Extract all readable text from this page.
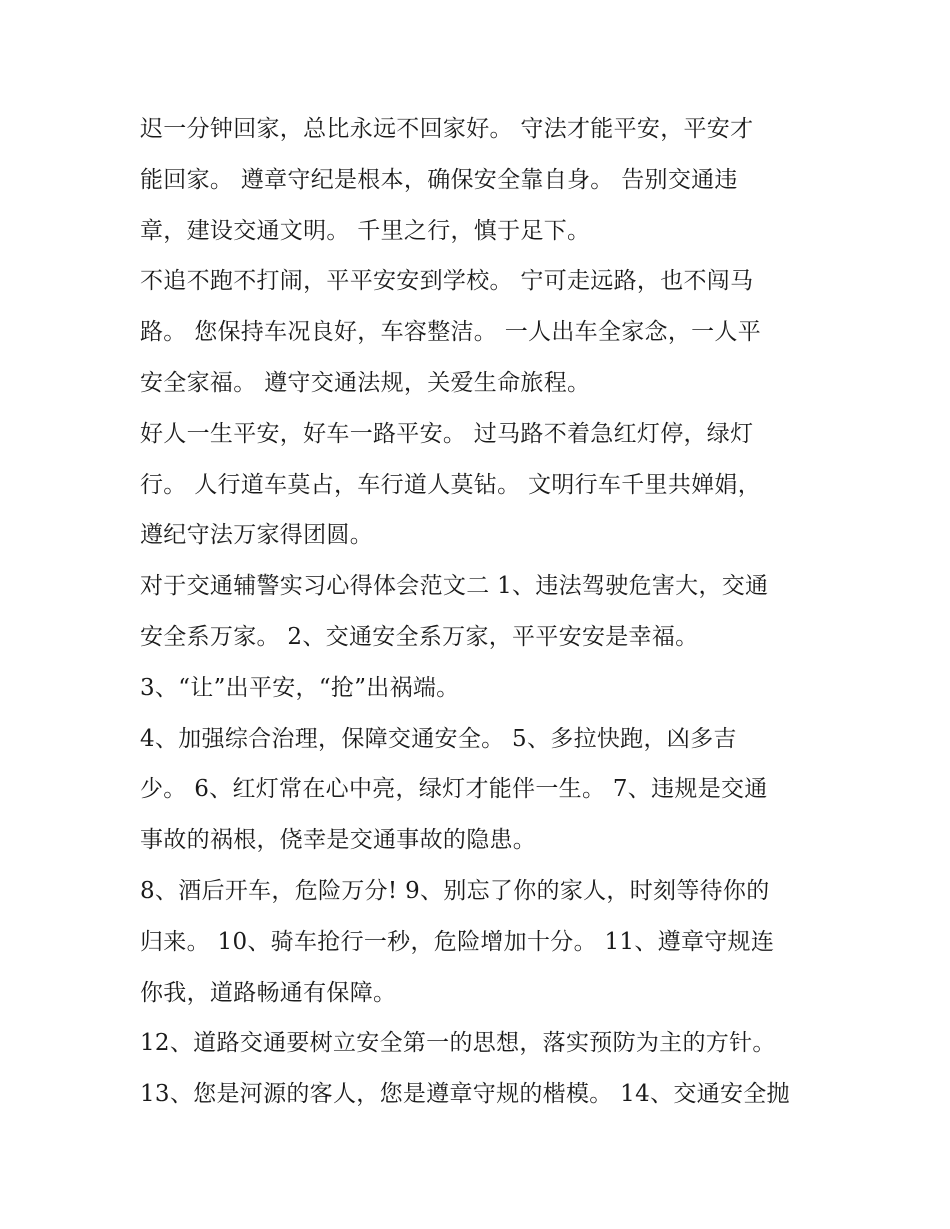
迟一分钟回家，总比永远不回家好。 守法才能平安，平安才
能回家。 遵章守纪是根本，确保安全靠自身。 告别交通违
章，建设交通文明。 千里之行，慎于足下。
不追不跑不打闹，平平安安到学校。 宁可走远路，也不闯马
路。 您保持车况良好，车容整洁。 一人出车全家念，一人平
安全家福。 遵守交通法规，关爱生命旅程。
好人一生平安，好车一路平安。 过马路不着急红灯停，绿灯
行。 人行道车莫占，车行道人莫钻。 文明行车千里共婵娟，
遵纪守法万家得团圆。
对于交通辅警实习心得体会范文二 1、违法驾驶危害大，交通
安全系万家。 2、交通安全系万家，平平安安是幸福。
3、“让”出平安，“抢”出祸端。
4、加强综合治理，保障交通安全。 5、多拉快跑，凶多吉
少。 6、红灯常在心中亮，绿灯才能伴一生。 7、违规是交通
事故的祸根，侥幸是交通事故的隐患。
8、酒后开车，危险万分! 9、别忘了你的家人，时刻等待你的
归来。 10、骑车抢行一秒，危险增加十分。 11、遵章守规连
你我，道路畅通有保障。
12、道路交通要树立安全第一的思想，落实预防为主的方针。
13、您是河源的客人，您是遵章守规的楷模。 14、交通安全抛
